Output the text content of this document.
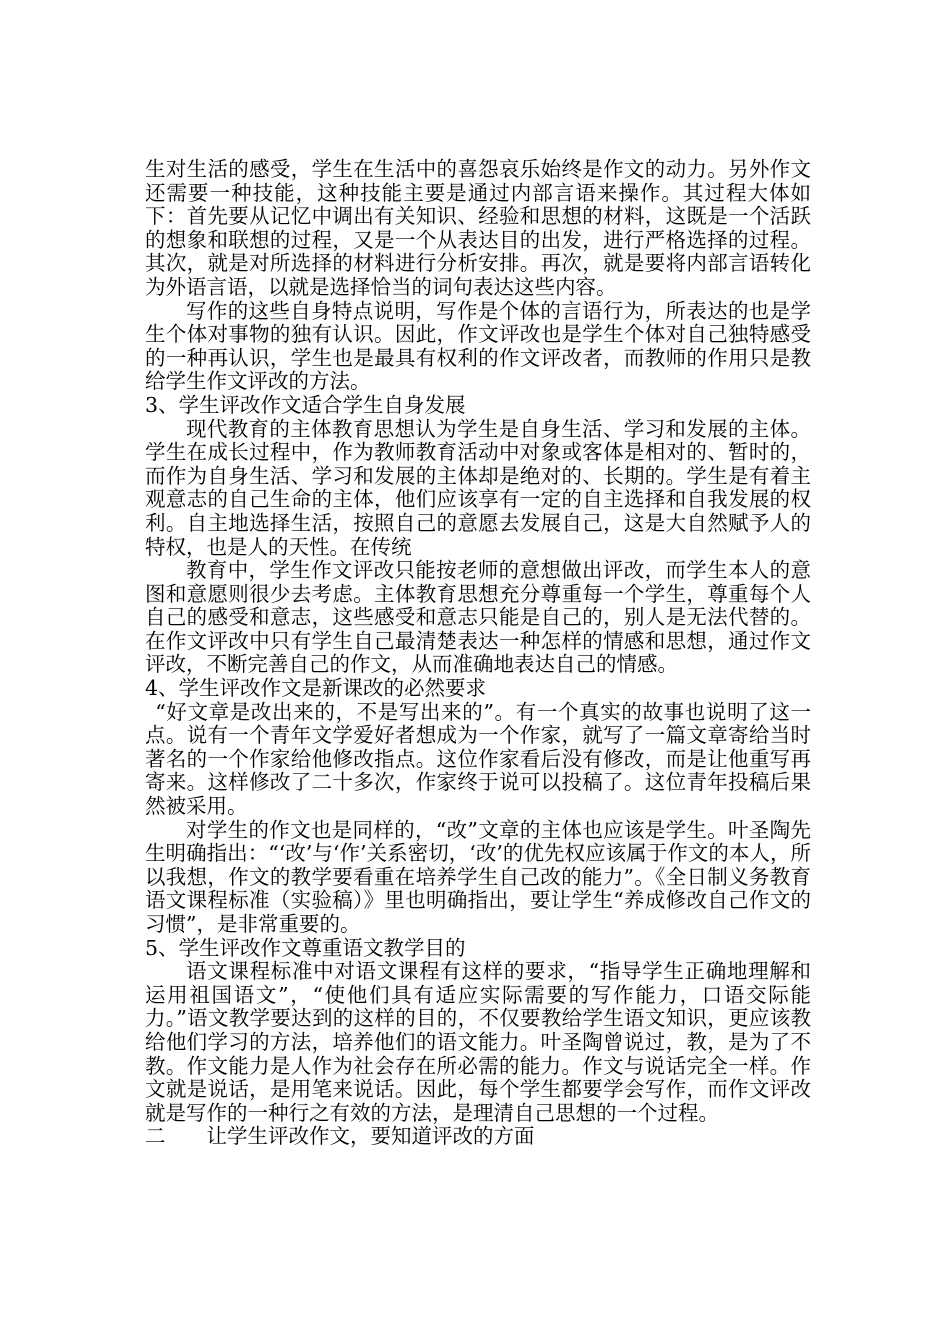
生对生活的感受，学生在生活中的喜怨哀乐始终是作文的动力。另外作文还需要一种技能，这种技能主要是通过内部言语来操作。其过程大体如下：首先要从记忆中调出有关知识、经验和思想的材料，这既是一个活跃的想象和联想的过程，又是一个从表达目的出发，进行严格选择的过程。其次，就是对所选择的材料进行分析安排。再次，就是要将内部言语转化为外语言语，以就是选择恰当的词句表达这些内容。

写作的这些自身特点说明，写作是个体的言语行为，所表达的也是学生个体对事物的独有认识。因此，作文评改也是学生个体对自己独特感受的一种再认识，学生也是最具有权利的作文评改者，而教师的作用只是教给学生作文评改的方法。

3、学生评改作文适合学生自身发展

现代教育的主体教育思想认为学生是自身生活、学习和发展的主体。学生在成长过程中，作为教师教育活动中对象或客体是相对的、暂时的，而作为自身生活、学习和发展的主体却是绝对的、长期的。学生是有着主观意志的自己生命的主体，他们应该享有一定的自主选择和自我发展的权利。自主地选择生活，按照自己的意愿去发展自己，这是大自然赋予人的特权，也是人的天性。在传统

教育中，学生作文评改只能按老师的意想做出评改，而学生本人的意图和意愿则很少去考虑。主体教育思想充分尊重每一个学生，尊重每个人自己的感受和意志，这些感受和意志只能是自己的，别人是无法代替的。在作文评改中只有学生自己最清楚表达一种怎样的情感和思想，通过作文评改，不断完善自己的作文，从而准确地表达自己的情感。

4、学生评改作文是新课改的必然要求

“好文章是改出来的，不是写出来的”。有一个真实的故事也说明了这一点。说有一个青年文学爱好者想成为一个作家，就写了一篇文章寄给当时著名的一个作家给他修改指点。这位作家看后没有修改，而是让他重写再寄来。这样修改了二十多次，作家终于说可以投稿了。这位青年投稿后果然被采用。

对学生的作文也是同样的，“改”文章的主体也应该是学生。叶圣陶先生明确指出：“‘改’与‘作’关系密切，‘改’的优先权应该属于作文的本人，所以我想，作文的教学要看重在培养学生自己改的能力”。《全日制义务教育语文课程标准（实验稿）》里也明确指出，要让学生“养成修改自己作文的习惯”，是非常重要的。

5、学生评改作文尊重语文教学目的

语文课程标准中对语文课程有这样的要求，“指导学生正确地理解和运用祖国语文”，“使他们具有适应实际需要的写作能力，口语交际能力。”语文教学要达到的这样的目的，不仅要教给学生语文知识，更应该教给他们学习的方法，培养他们的语文能力。叶圣陶曾说过，教，是为了不教。作文能力是人作为社会存在所必需的能力。作文与说话完全一样。作文就是说话，是用笔来说话。因此，每个学生都要学会写作，而作文评改就是写作的一种行之有效的方法，是理清自己思想的一个过程。

二　　让学生评改作文，要知道评改的方面
